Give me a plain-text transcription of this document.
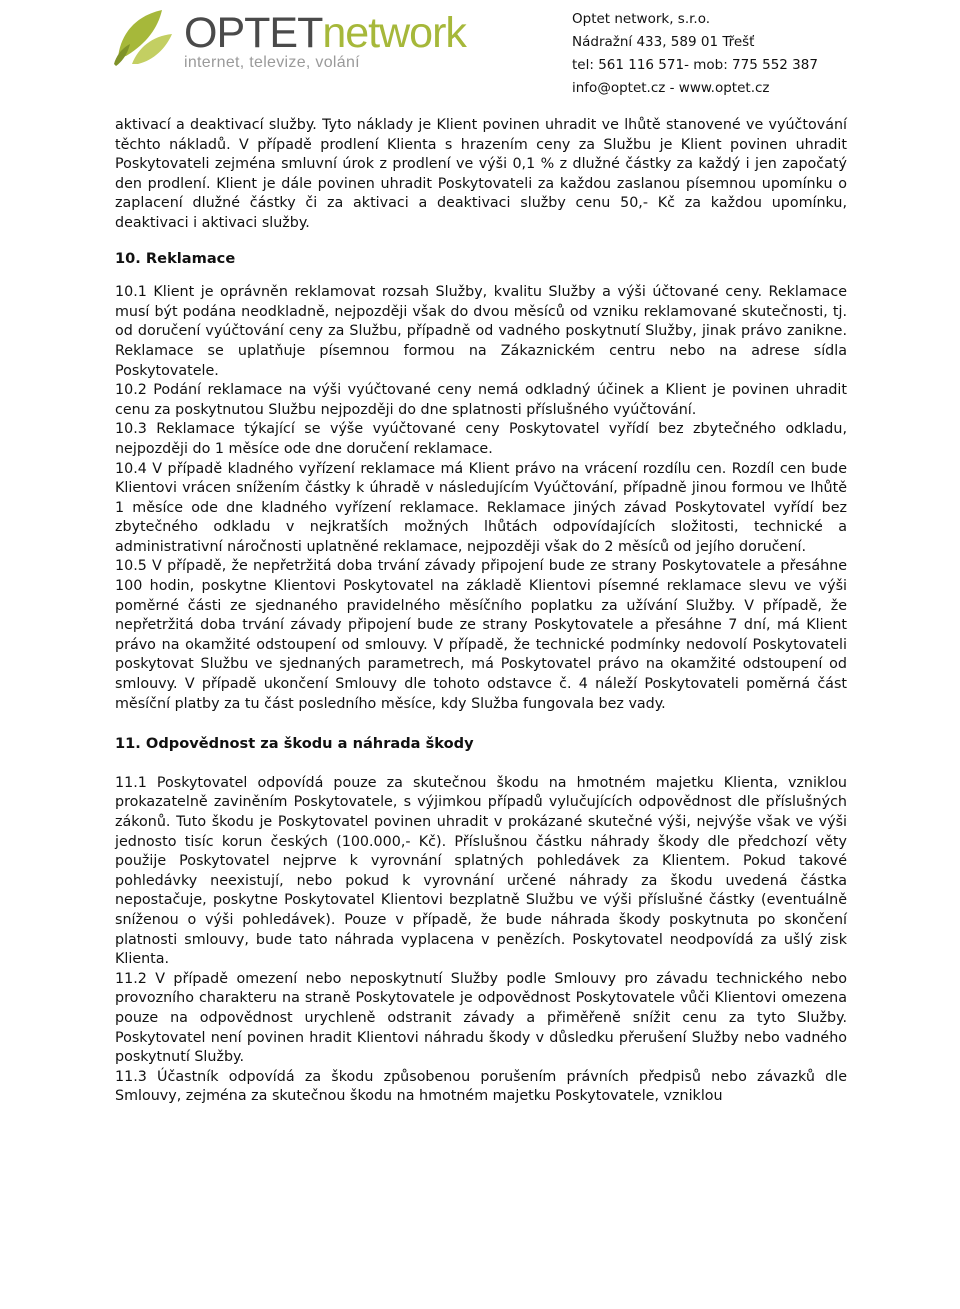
OPTETnetwork
internet, televize, volání
Optet network, s.r.o.
Nádražní 433, 589 01 Třešť
tel: 561 116 571- mob: 775 552 387
info@optet.cz - www.optet.cz

aktivací a deaktivací služby. Tyto náklady je Klient povinen uhradit ve lhůtě stanovené ve vyúčtování těchto nákladů. V případě prodlení Klienta s hrazením ceny za Službu je Klient povinen uhradit Poskytovateli zejména smluvní úrok z prodlení ve výši 0,1 % z dlužné částky za každý i jen započatý den prodlení. Klient je dále povinen uhradit Poskytovateli za každou zaslanou písemnou upomínku o zaplacení dlužné částky či za aktivaci a deaktivaci služby cenu 50,- Kč za každou upomínku, deaktivaci i aktivaci služby.

10. Reklamace

10.1 Klient je oprávněn reklamovat rozsah Služby, kvalitu Služby a výši účtované ceny. Reklamace musí být podána neodkladně, nejpozději však do dvou měsíců od vzniku reklamované skutečnosti, tj. od doručení vyúčtování ceny za Službu, případně od vadného poskytnutí Služby, jinak právo zanikne. Reklamace se uplatňuje písemnou formou na Zákaznickém centru nebo na adrese sídla Poskytovatele.

10.2 Podání reklamace na výši vyúčtované ceny nemá odkladný účinek a Klient je povinen uhradit cenu za poskytnutou Službu nejpozději do dne splatnosti příslušného vyúčtování.

10.3 Reklamace týkající se výše vyúčtované ceny Poskytovatel vyřídí bez zbytečného odkladu, nejpozději do 1 měsíce ode dne doručení reklamace.

10.4 V případě kladného vyřízení reklamace má Klient právo na vrácení rozdílu cen. Rozdíl cen bude Klientovi vrácen snížením částky k úhradě v následujícím Vyúčtování, případně jinou formou ve lhůtě 1 měsíce ode dne kladného vyřízení reklamace. Reklamace jiných závad Poskytovatel vyřídí bez zbytečného odkladu v nejkratších možných lhůtách odpovídajících složitosti, technické a administrativní náročnosti uplatněné reklamace, nejpozději však do 2 měsíců od jejího doručení.

10.5 V případě, že nepřetržitá doba trvání závady připojení bude ze strany Poskytovatele a přesáhne 100 hodin, poskytne Klientovi Poskytovatel na základě Klientovi písemné reklamace slevu ve výši poměrné části ze sjednaného pravidelného měsíčního poplatku za užívání Služby. V případě, že nepřetržitá doba trvání závady připojení bude ze strany Poskytovatele a přesáhne 7 dní, má Klient právo na okamžité odstoupení od smlouvy. V případě, že technické podmínky nedovolí Poskytovateli poskytovat Službu ve sjednaných parametrech, má Poskytovatel právo na okamžité odstoupení od smlouvy. V případě ukončení Smlouvy dle tohoto odstavce č. 4 náleží Poskytovateli poměrná část měsíční platby za tu část posledního měsíce, kdy Služba fungovala bez vady.

11. Odpovědnost za škodu a náhrada škody

11.1 Poskytovatel odpovídá pouze za skutečnou škodu na hmotném majetku Klienta, vzniklou prokazatelně zaviněním Poskytovatele, s výjimkou případů vylučujících odpovědnost dle příslušných zákonů. Tuto škodu je Poskytovatel povinen uhradit v prokázané skutečné výši, nejvýše však ve výši jednosto tisíc korun českých (100.000,- Kč). Příslušnou částku náhrady škody dle předchozí věty použije Poskytovatel nejprve k vyrovnání splatných pohledávek za Klientem. Pokud takové pohledávky neexistují, nebo pokud k vyrovnání určené náhrady za škodu uvedená částka nepostačuje, poskytne Poskytovatel Klientovi bezplatně Službu ve výši příslušné částky (eventuálně sníženou o výši pohledávek). Pouze v případě, že bude náhrada škody poskytnuta po skončení platnosti smlouvy, bude tato náhrada vyplacena v penězích. Poskytovatel neodpovídá za ušlý zisk Klienta.

11.2 V případě omezení nebo neposkytnutí Služby podle Smlouvy pro závadu technického nebo provozního charakteru na straně Poskytovatele je odpovědnost Poskytovatele vůči Klientovi omezena pouze na odpovědnost urychleně odstranit závady a přiměřeně snížit cenu za tyto Služby. Poskytovatel není povinen hradit Klientovi náhradu škody v důsledku přerušení Služby nebo vadného poskytnutí Služby.

11.3 Účastník odpovídá za škodu způsobenou porušením právních předpisů nebo závazků dle Smlouvy, zejména za skutečnou škodu na hmotném majetku Poskytovatele, vzniklou
